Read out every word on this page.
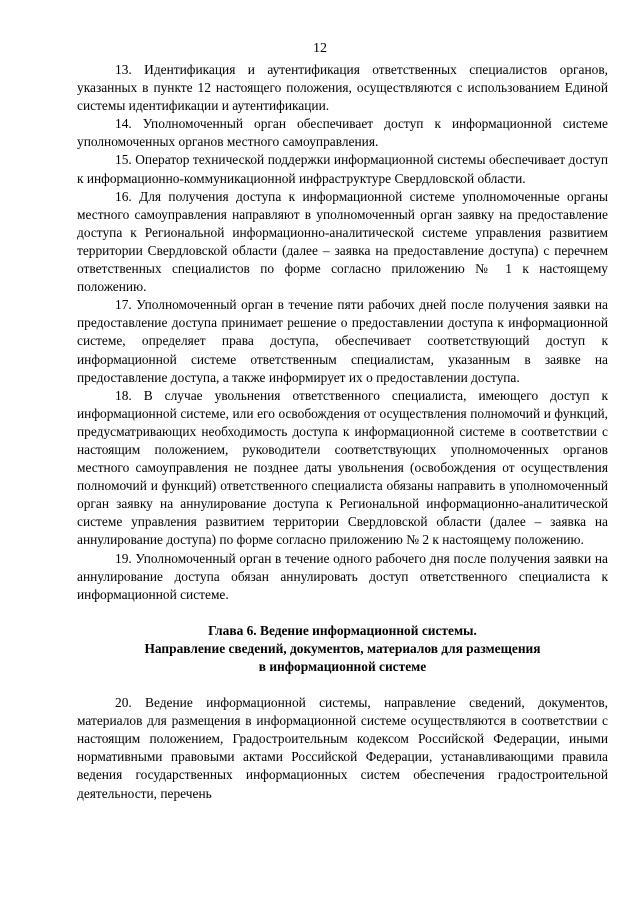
12

13. Идентификация и аутентификация ответственных специалистов органов, указанных в пункте 12 настоящего положения, осуществляются с использованием Единой системы идентификации и аутентификации.

14. Уполномоченный орган обеспечивает доступ к информационной системе уполномоченных органов местного самоуправления.

15. Оператор технической поддержки информационной системы обеспечивает доступ к информационно-коммуникационной инфраструктуре Свердловской области.

16. Для получения доступа к информационной системе уполномоченные органы местного самоуправления направляют в уполномоченный орган заявку на предоставление доступа к Региональной информационно-аналитической системе управления развитием территории Свердловской области (далее – заявка на предоставление доступа) с перечнем ответственных специалистов по форме согласно приложению № 1 к настоящему положению.

17. Уполномоченный орган в течение пяти рабочих дней после получения заявки на предоставление доступа принимает решение о предоставлении доступа к информационной системе, определяет права доступа, обеспечивает соответствующий доступ к информационной системе ответственным специалистам, указанным в заявке на предоставление доступа, а также информирует их о предоставлении доступа.

18. В случае увольнения ответственного специалиста, имеющего доступ к информационной системе, или его освобождения от осуществления полномочий и функций, предусматривающих необходимость доступа к информационной системе в соответствии с настоящим положением, руководители соответствующих уполномоченных органов местного самоуправления не позднее даты увольнения (освобождения от осуществления полномочий и функций) ответственного специалиста обязаны направить в уполномоченный орган заявку на аннулирование доступа к Региональной информационно-аналитической системе управления развитием территории Свердловской области (далее – заявка на аннулирование доступа) по форме согласно приложению № 2 к настоящему положению.

19. Уполномоченный орган в течение одного рабочего дня после получения заявки на аннулирование доступа обязан аннулировать доступ ответственного специалиста к информационной системе.

Глава 6. Ведение информационной системы.
Направление сведений, документов, материалов для размещения
в информационной системе

20. Ведение информационной системы, направление сведений, документов, материалов для размещения в информационной системе осуществляются в соответствии с настоящим положением, Градостроительным кодексом Российской Федерации, иными нормативными правовыми актами Российской Федерации, устанавливающими правила ведения государственных информационных систем обеспечения градостроительной деятельности, перечень
